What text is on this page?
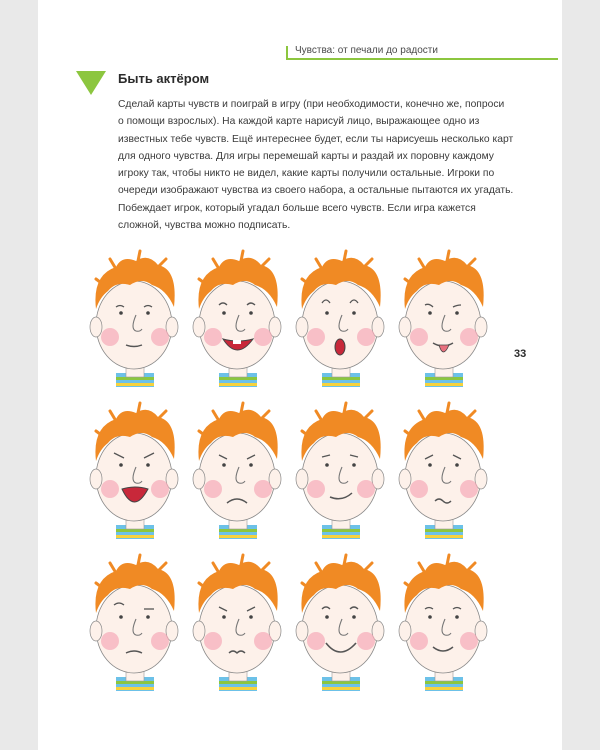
Чувства: от печали до радости
Быть актёром
Сделай карты чувств и поиграй в игру (при необходимости, конечно же, попроси
о помощи взрослых). На каждой карте нарисуй лицо, выражающее одно из
известных тебе чувств. Ещё интереснее будет, если ты нарисуешь несколько карт
для одного чувства. Для игры перемешай карты и раздай их поровну каждому
игроку так, чтобы никто не видел, какие карты получили остальные. Игроки по
очереди изображают чувства из своего набора, а остальные пытаются их угадать.
Побеждает игрок, который угадал больше всего чувств. Если игра кажется
сложной, чувства можно подписать.
33
